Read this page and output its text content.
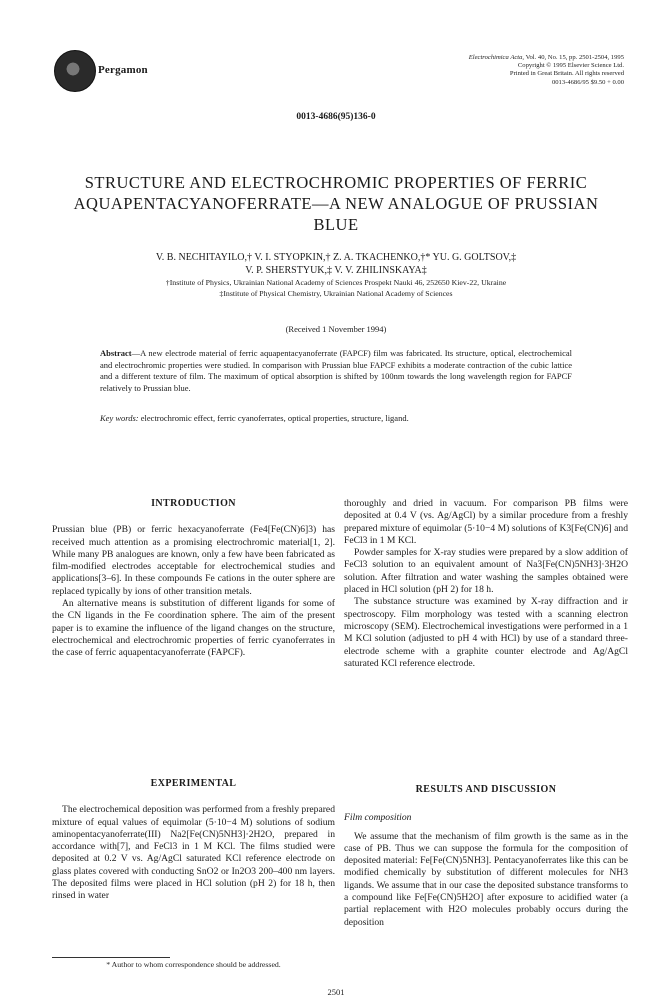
Pergamon
Electrochimica Acta, Vol. 40, No. 15, pp. 2501-2504, 1995
Copyright © 1995 Elsevier Science Ltd.
Printed in Great Britain. All rights reserved
0013-4686/95 $9.50 + 0.00
0013-4686(95)136-0
STRUCTURE AND ELECTROCHROMIC PROPERTIES OF FERRIC AQUAPENTACYANOFERRATE—A NEW ANALOGUE OF PRUSSIAN BLUE
V. B. NECHITAYILO,† V. I. STYOPKIN,† Z. A. TKACHENKO,†* YU. G. GOLTSOV,‡
V. P. SHERSTYUK,‡ V. V. ZHILINSKAYA‡
†Institute of Physics, Ukrainian National Academy of Sciences Prospekt Nauki 46, 252650 Kiev-22, Ukraine
‡Institute of Physical Chemistry, Ukrainian National Academy of Sciences
(Received 1 November 1994)
Abstract—A new electrode material of ferric aquapentacyanoferrate (FAPCF) film was fabricated. Its structure, optical, electrochemical and electrochromic properties were studied. In comparison with Prussian blue FAPCF exhibits a moderate contraction of the cubic lattice and a different texture of film. The maximum of optical absorption is shifted by 100nm towards the long wavelength region for FAPCF relatively to Prussian blue.
Key words: electrochromic effect, ferric cyanoferrates, optical properties, structure, ligand.
INTRODUCTION

Prussian blue (PB) or ferric hexacyanoferrate (Fe4[Fe(CN)6]3) has received much attention as a promising electrochromic material[1, 2]. While many PB analogues are known, only a few have been fabricated as film-modified electrodes acceptable for electrochemical studies and applications[3–6]. In these compounds Fe cations in the outer sphere are replaced typically by ions of other transition metals.

An alternative means is substitution of different ligands for some of the CN ligands in the Fe coordination sphere. The aim of the present paper is to examine the influence of the ligand changes on the structure, electrochemical and electrochromic properties of ferric cyanoferrates in the case of ferric aquapentacyanoferrate (FAPCF).

EXPERIMENTAL

The electrochemical deposition was performed from a freshly prepared mixture of equal values of equimolar (5·10−4 M) solutions of sodium aminopentacyanoferrate(III) Na2[Fe(CN)5NH3]·2H2O, prepared in accordance with[7], and FeCl3 in 1 M KCl. The films studied were deposited at 0.2 V vs. Ag/AgCl saturated KCl reference electrode on glass plates covered with conducting SnO2 or In2O3 200–400 nm layers. The deposited films were placed in HCl solution (pH 2) for 18 h, then rinsed in water

thoroughly and dried in vacuum. For comparison PB films were deposited at 0.4 V (vs. Ag/AgCl) by a similar procedure from a freshly prepared mixture of equimolar (5·10−4 M) solutions of K3[Fe(CN)6] and FeCl3 in 1 M KCl.

Powder samples for X-ray studies were prepared by a slow addition of FeCl3 solution to an equivalent amount of Na3[Fe(CN)5NH3]·3H2O solution. After filtration and water washing the samples obtained were placed in HCl solution (pH 2) for 18 h.

The substance structure was examined by X-ray diffraction and ir spectroscopy. Film morphology was tested with a scanning electron microscopy (SEM). Electrochemical investigations were performed in a 1 M KCl solution (adjusted to pH 4 with HCl) by use of a standard three-electrode scheme with a graphite counter electrode and Ag/AgCl saturated KCl reference electrode.

RESULTS AND DISCUSSION
Film composition

We assume that the mechanism of film growth is the same as in the case of PB. Thus we can suppose the formula for the composition of deposited material: Fe[Fe(CN)5NH3]. Pentacyanoferrates like this can be modified chemically by substitution of different molecules for NH3 ligands. We assume that in our case the deposited substance transforms to a compound like Fe[Fe(CN)5H2O] after exposure to acidified water (a partial replacement with H2O molecules probably occurs during the deposition

* Author to whom correspondence should be addressed.
2501
